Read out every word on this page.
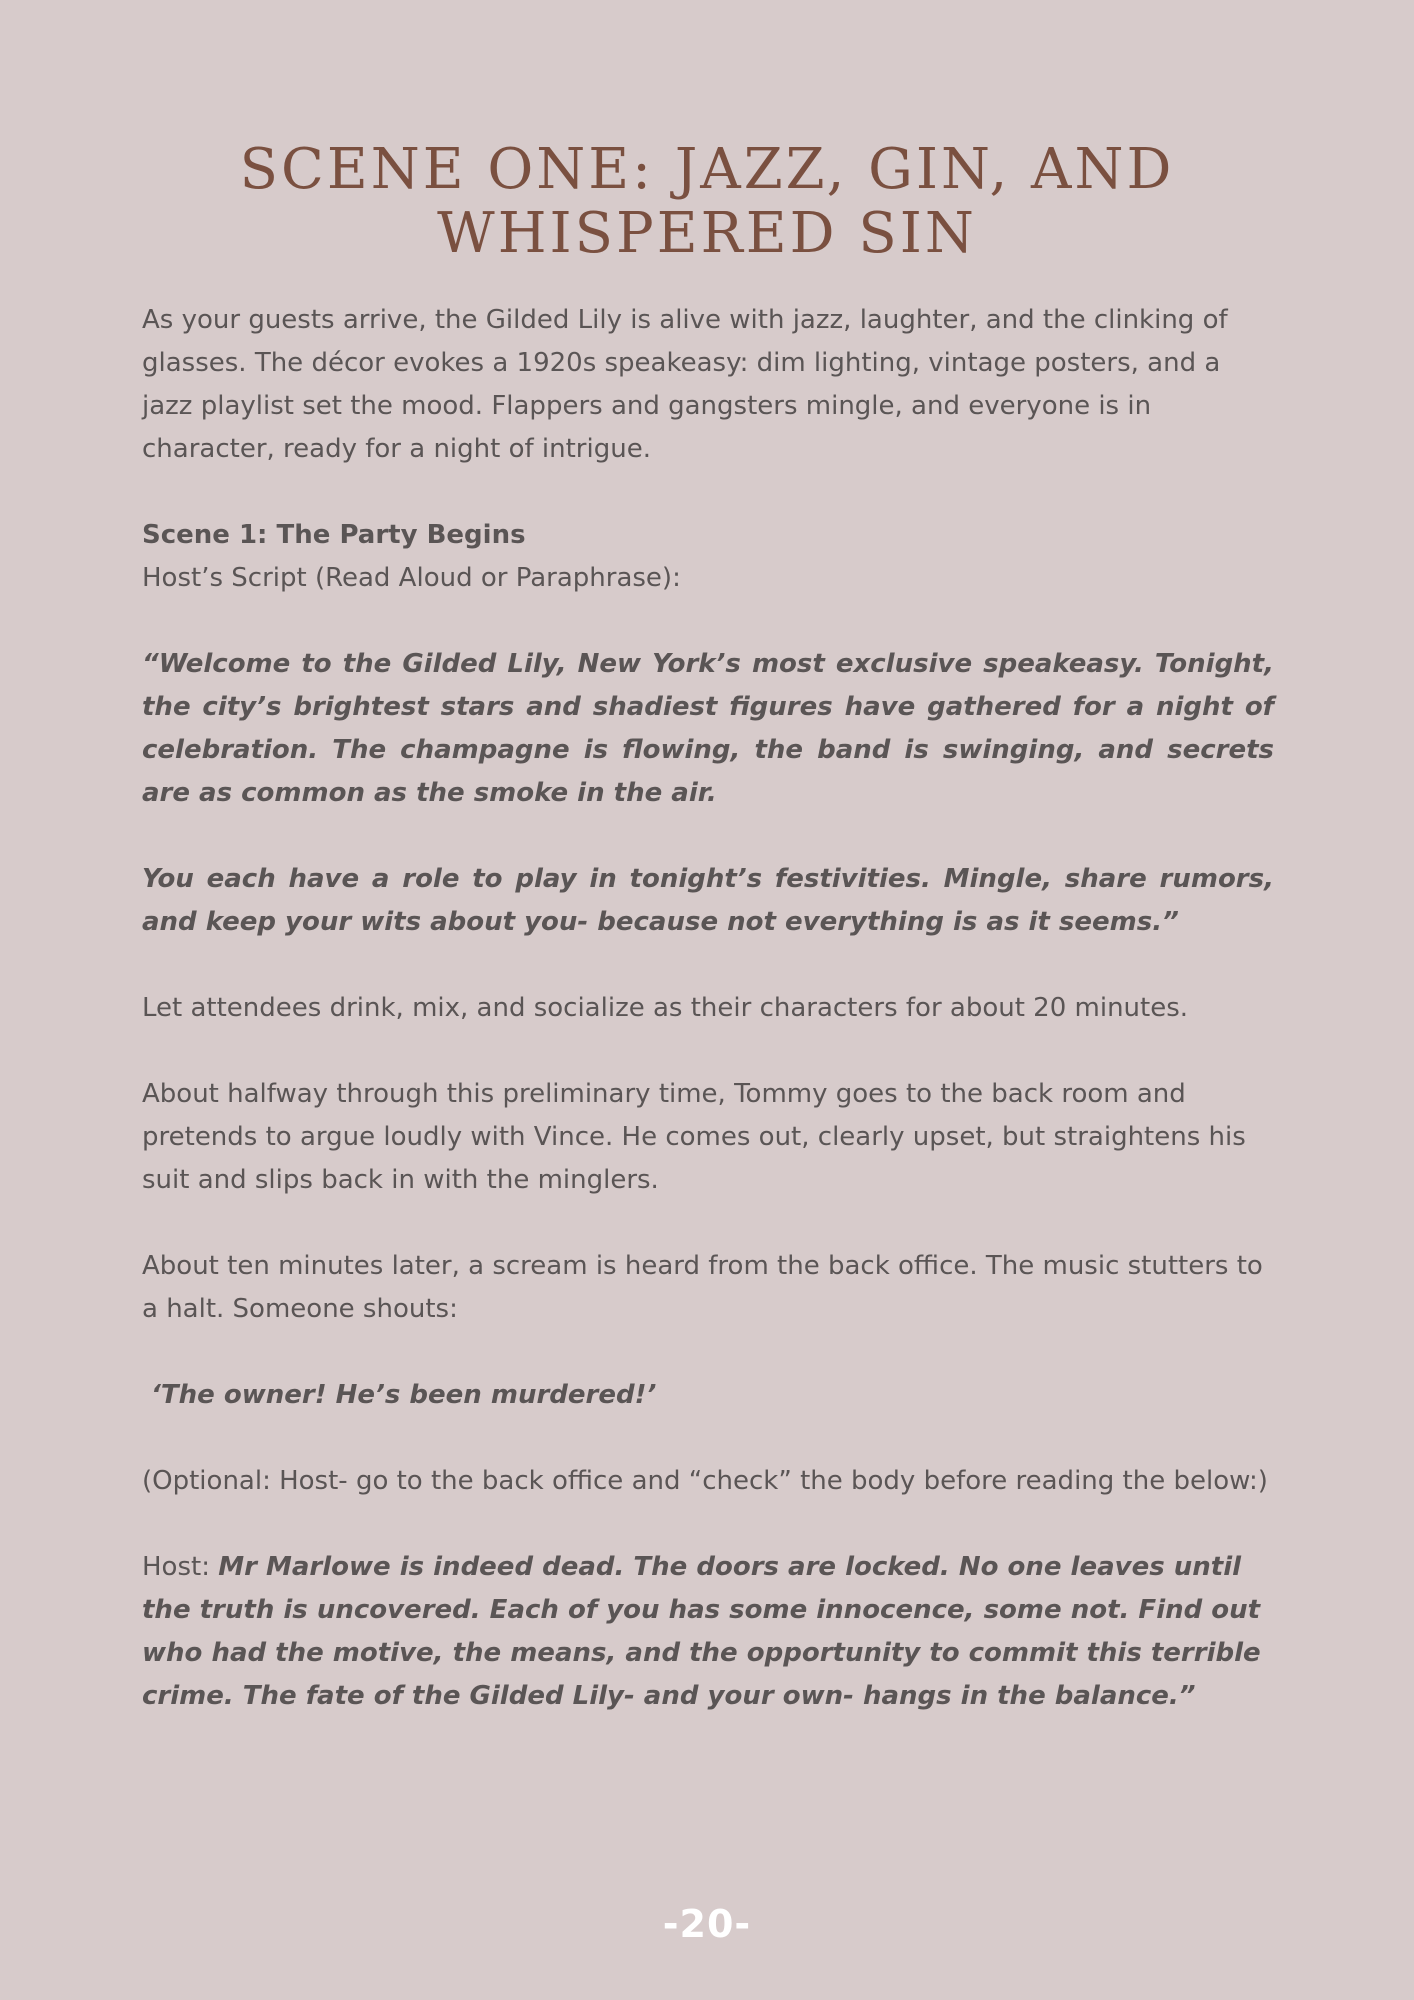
SCENE ONE: JAZZ, GIN, AND
WHISPERED SIN

As your guests arrive, the Gilded Lily is alive with jazz, laughter, and the clinking of glasses. The décor evokes a 1920s speakeasy: dim lighting, vintage posters, and a jazz playlist set the mood. Flappers and gangsters mingle, and everyone is in character, ready for a night of intrigue.

Scene 1: The Party Begins
Host’s Script (Read Aloud or Paraphrase):

“Welcome to the Gilded Lily, New York’s most exclusive speakeasy. Tonight, the city’s brightest stars and shadiest figures have gathered for a night of celebration. The champagne is flowing, the band is swinging, and secrets are as common as the smoke in the air.

You each have a role to play in tonight’s festivities. Mingle, share rumors, and keep your wits about you- because not everything is as it seems.”

Let attendees drink, mix, and socialize as their characters for about 20 minutes.

About halfway through this preliminary time, Tommy goes to the back room and pretends to argue loudly with Vince. He comes out, clearly upset, but straightens his suit and slips back in with the minglers.

About ten minutes later, a scream is heard from the back office. The music stutters to a halt. Someone shouts:

‘The owner! He’s been murdered!’

(Optional: Host- go to the back office and “check” the body before reading the below:)

Host: Mr Marlowe is indeed dead. The doors are locked. No one leaves until the truth is uncovered. Each of you has some innocence, some not. Find out who had the motive, the means, and the opportunity to commit this terrible crime. The fate of the Gilded Lily- and your own- hangs in the balance.”

-20-
